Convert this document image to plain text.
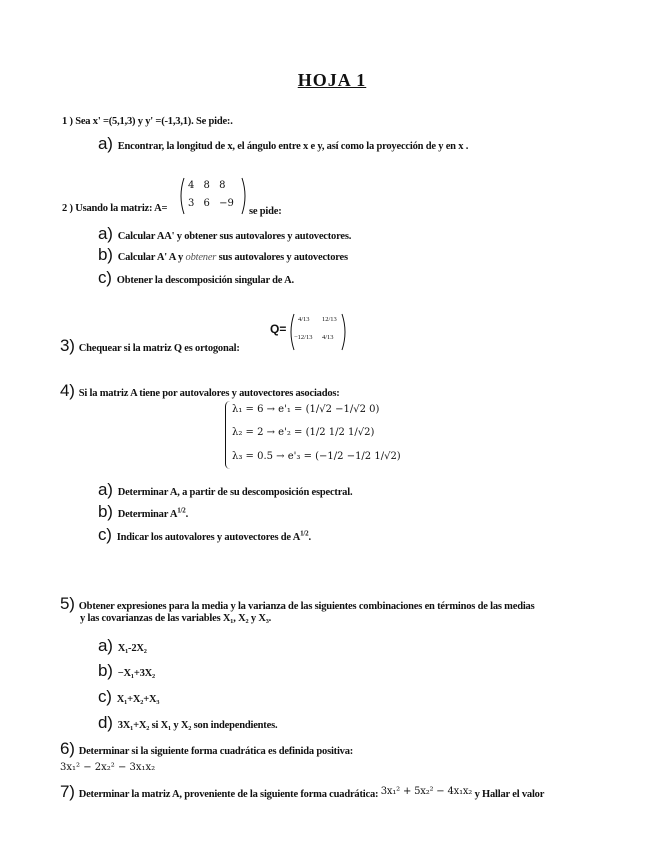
HOJA 1
1 ) Sea x' =(5,1,3) y y' =(-1,3,1). Se pide:.
a) Encontrar, la longitud de x, el ángulo entre x e y, así como la proyección de y en x .
2 ) Usando la matriz: A=
4 8 8
3 6 −9
se pide:
a) Calcular AA' y obtener sus autovalores y autovectores.
b) Calcular A' A y obtener sus autovalores y autovectores
c) Obtener la descomposición singular de A.
Q=
4/13 12/13
−12/13 4/13
3) Chequear si la matriz Q es ortogonal:
4) Si la matriz A tiene por autovalores y autovectores asociados:
λ₁ = 6 → e'₁ = (1/√2 −1/√2 0)
λ₂ = 2 → e'₂ = (1/2 1/2 1/√2)
λ₃ = 0.5 → e'₃ = (−1/2 −1/2 1/√2)
a) Determinar A, a partir de su descomposición espectral.
b) Determinar $A^{1/2}$.
c) Indicar los autovalores y autovectores de $A^{1/2}$.
5) Obtener expresiones para la media y la varianza de las siguientes combinaciones en términos de las medias
y las covarianzas de las variables X₁, X₂ y X₃.
a) X₁-2X₂
b) −X₁+3X₂
c) X₁+X₂+X₃
d) 3X₁+X₂ si X₁ y X₂ son independientes.
6) Determinar si la siguiente forma cuadrática es definida positiva:
3x₁² − 2x₂² − 3x₁x₂
7) Determinar la matriz A, proveniente de la siguiente forma cuadrática: 3x₁² + 5x₂² − 4x₁x₂ y Hallar el valor
